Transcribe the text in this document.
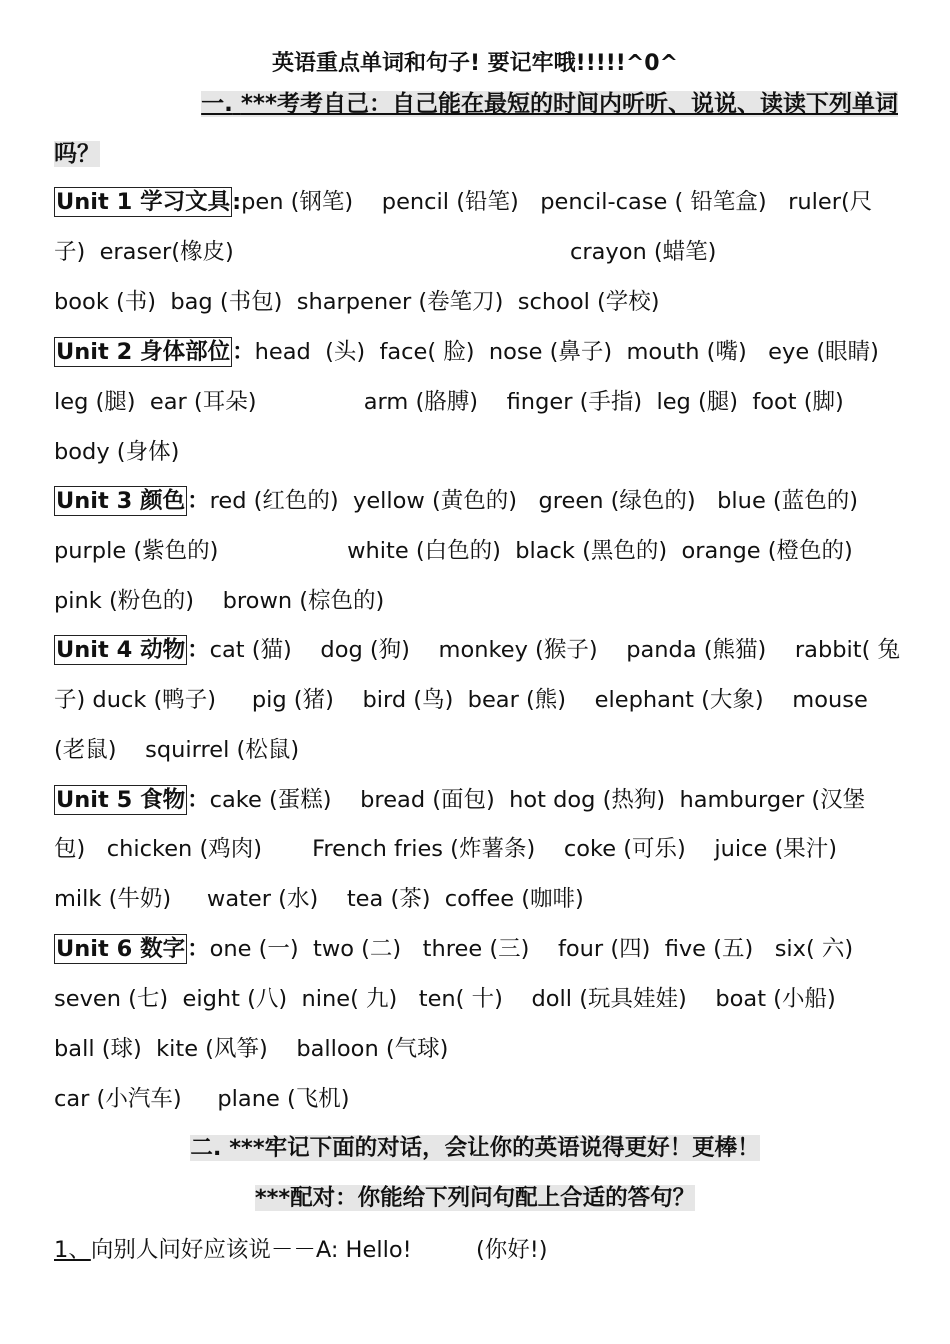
英语重点单词和句子! 要记牢哦!!!!!^0^
一. ***考考自己：自己能在最短的时间内听听、说说、读读下列单词
吗？
Unit 1 学习文具:pen (钢笔)    pencil (铅笔)   pencil-case ( 铅笔盒)   ruler(尺
子)  eraser(橡皮)                                               crayon (蜡笔)
book (书)  bag (书包)  sharpener (卷笔刀)  school (学校)
Unit 2 身体部位：head  (头)  face( 脸)  nose (鼻子)  mouth (嘴)   eye (眼睛)
leg (腿)  ear (耳朵)               arm (胳膊)    finger (手指)  leg (腿)  foot (脚)
body (身体)
Unit 3 颜色：red (红色的)  yellow (黄色的)   green (绿色的)   blue (蓝色的)
purple (紫色的)                  white (白色的)  black (黑色的)  orange (橙色的)
pink (粉色的)    brown (棕色的)
Unit 4 动物：cat (猫)    dog (狗)    monkey (猴子)    panda (熊猫)    rabbit( 兔
子) duck (鸭子)     pig (猪)    bird (鸟)  bear (熊)    elephant (大象)    mouse
(老鼠)    squirrel (松鼠)
Unit 5 食物：cake (蛋糕)    bread (面包)  hot dog (热狗)  hamburger (汉堡
包)   chicken (鸡肉)       French fries (炸薯条)    coke (可乐)    juice (果汁)
milk (牛奶)     water (水)    tea (茶)  coffee (咖啡)
Unit 6 数字：one (一)  two (二)   three (三)    four (四)  five (五)   six( 六)
seven (七)  eight (八)  nine( 九)   ten( 十)    doll (玩具娃娃)    boat (小船)
ball (球)  kite (风筝)    balloon (气球)
car (小汽车)     plane (飞机)
二. ***牢记下面的对话，会让你的英语说得更好！更棒！
***配对：你能给下列问句配上合适的答句？
1、向别人问好应该说－－A: Hello!         (你好!)
